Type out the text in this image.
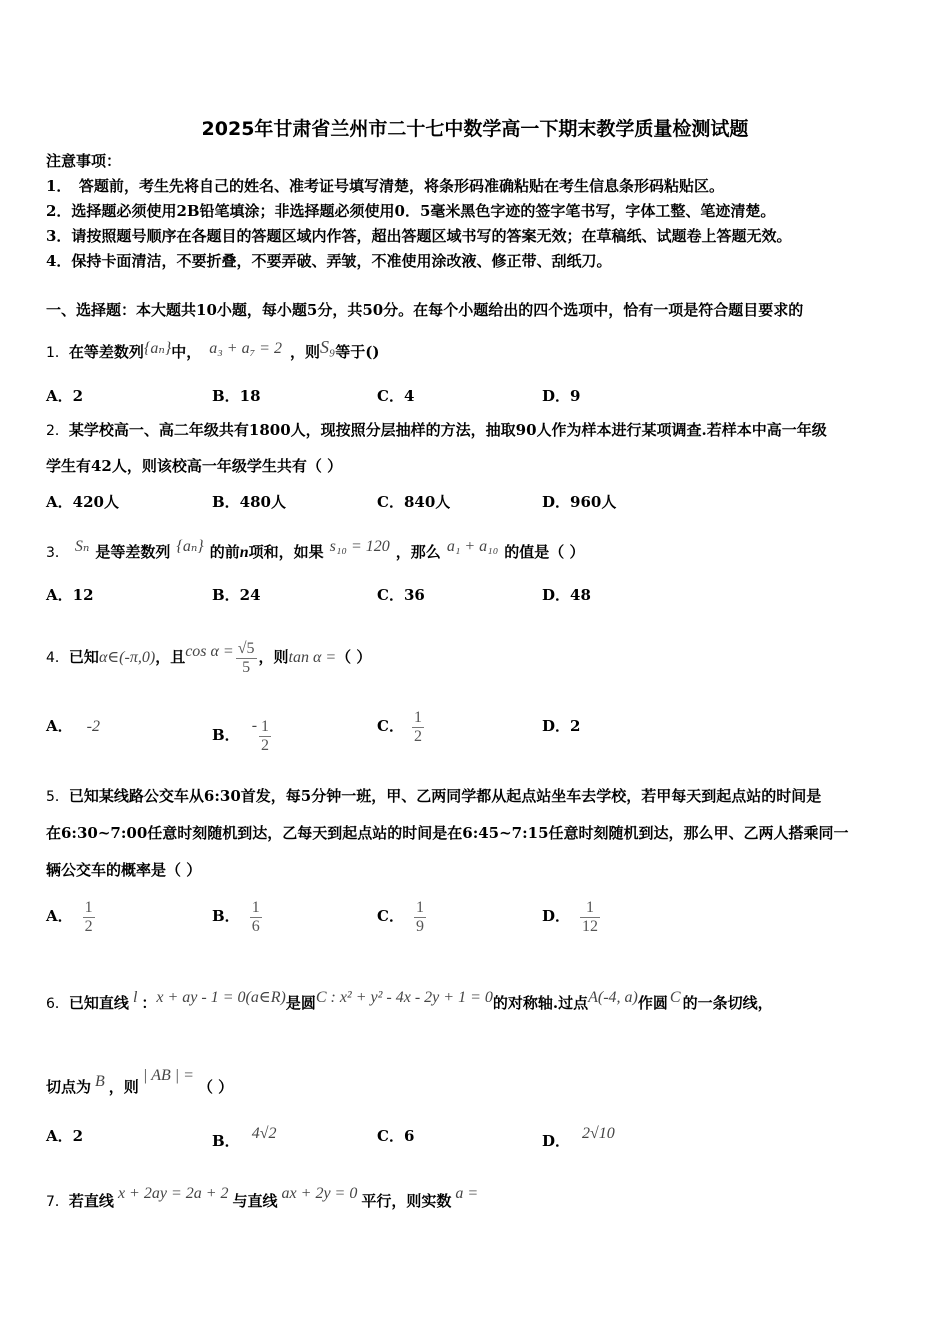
2025年甘肃省兰州市二十七中数学高一下期末教学质量检测试题
注意事项：
1．　答题前，考生先将自己的姓名、准考证号填写清楚，将条形码准确粘贴在考生信息条形码粘贴区。
2．选择题必须使用2B铅笔填涂；非选择题必须使用0．5毫米黑色字迹的签字笔书写，字体工整、笔迹清楚。
3．请按照题号顺序在各题目的答题区域内作答，超出答题区域书写的答案无效；在草稿纸、试题卷上答题无效。
4．保持卡面清洁，不要折叠，不要弄破、弄皱，不准使用涂改液、修正带、刮纸刀。
一、选择题：本大题共10小题，每小题5分，共50分。在每个小题给出的四个选项中，恰有一项是符合题目要求的
1．在等差数列{aₙ}中， a₃ + a₇ = 2 ，则S₉等于()
A．2	B．18	C．4	D．9
2．某学校高一、高二年级共有1800人，现按照分层抽样的方法，抽取90人作为样本进行某项调查.若样本中高一年级
学生有42人，则该校高一年级学生共有（ ）
A．420人	B．480人	C．840人	D．960人
3． Sₙ 是等差数列 {aₙ} 的前n项和，如果 s₁₀ = 120 ，那么 a₁ + a₁₀ 的值是（ ）
A．12	B．24	C．36	D．48
4．已知α∈(-π,0)，且$\cos \alpha = \frac{√5}{5}$ ，则tan α =（ ）
A． -2	B．- $\frac{1}{2}$	C． $\frac{1}{2}$	D．2
5．已知某线路公交车从6:30首发，每5分钟一班，甲、乙两同学都从起点站坐车去学校，若甲每天到起点站的时间是
在6:30~7:00任意时刻随机到达，乙每天到起点站的时间是在6:45~7:15任意时刻随机到达，那么甲、乙两人搭乘同一
辆公交车的概率是（ ）
A． $\frac{1}{2}$	B． $\frac{1}{6}$	C． $\frac{1}{9}$	D． $\frac{1}{12}$
6．已知直线 l ：x + ay - 1 = 0(a∈R)是圆C : x² + y² - 4x - 2y + 1 = 0的对称轴.过点A(-4, a)作圆 C 的一条切线，
切点为 B ，则| AB | =（ ）
A．2	B． 4√2	C．6	D． 2√10
7．若直线 x + 2ay = 2a + 2 与直线 ax + 2y = 0 平行，则实数 a =
